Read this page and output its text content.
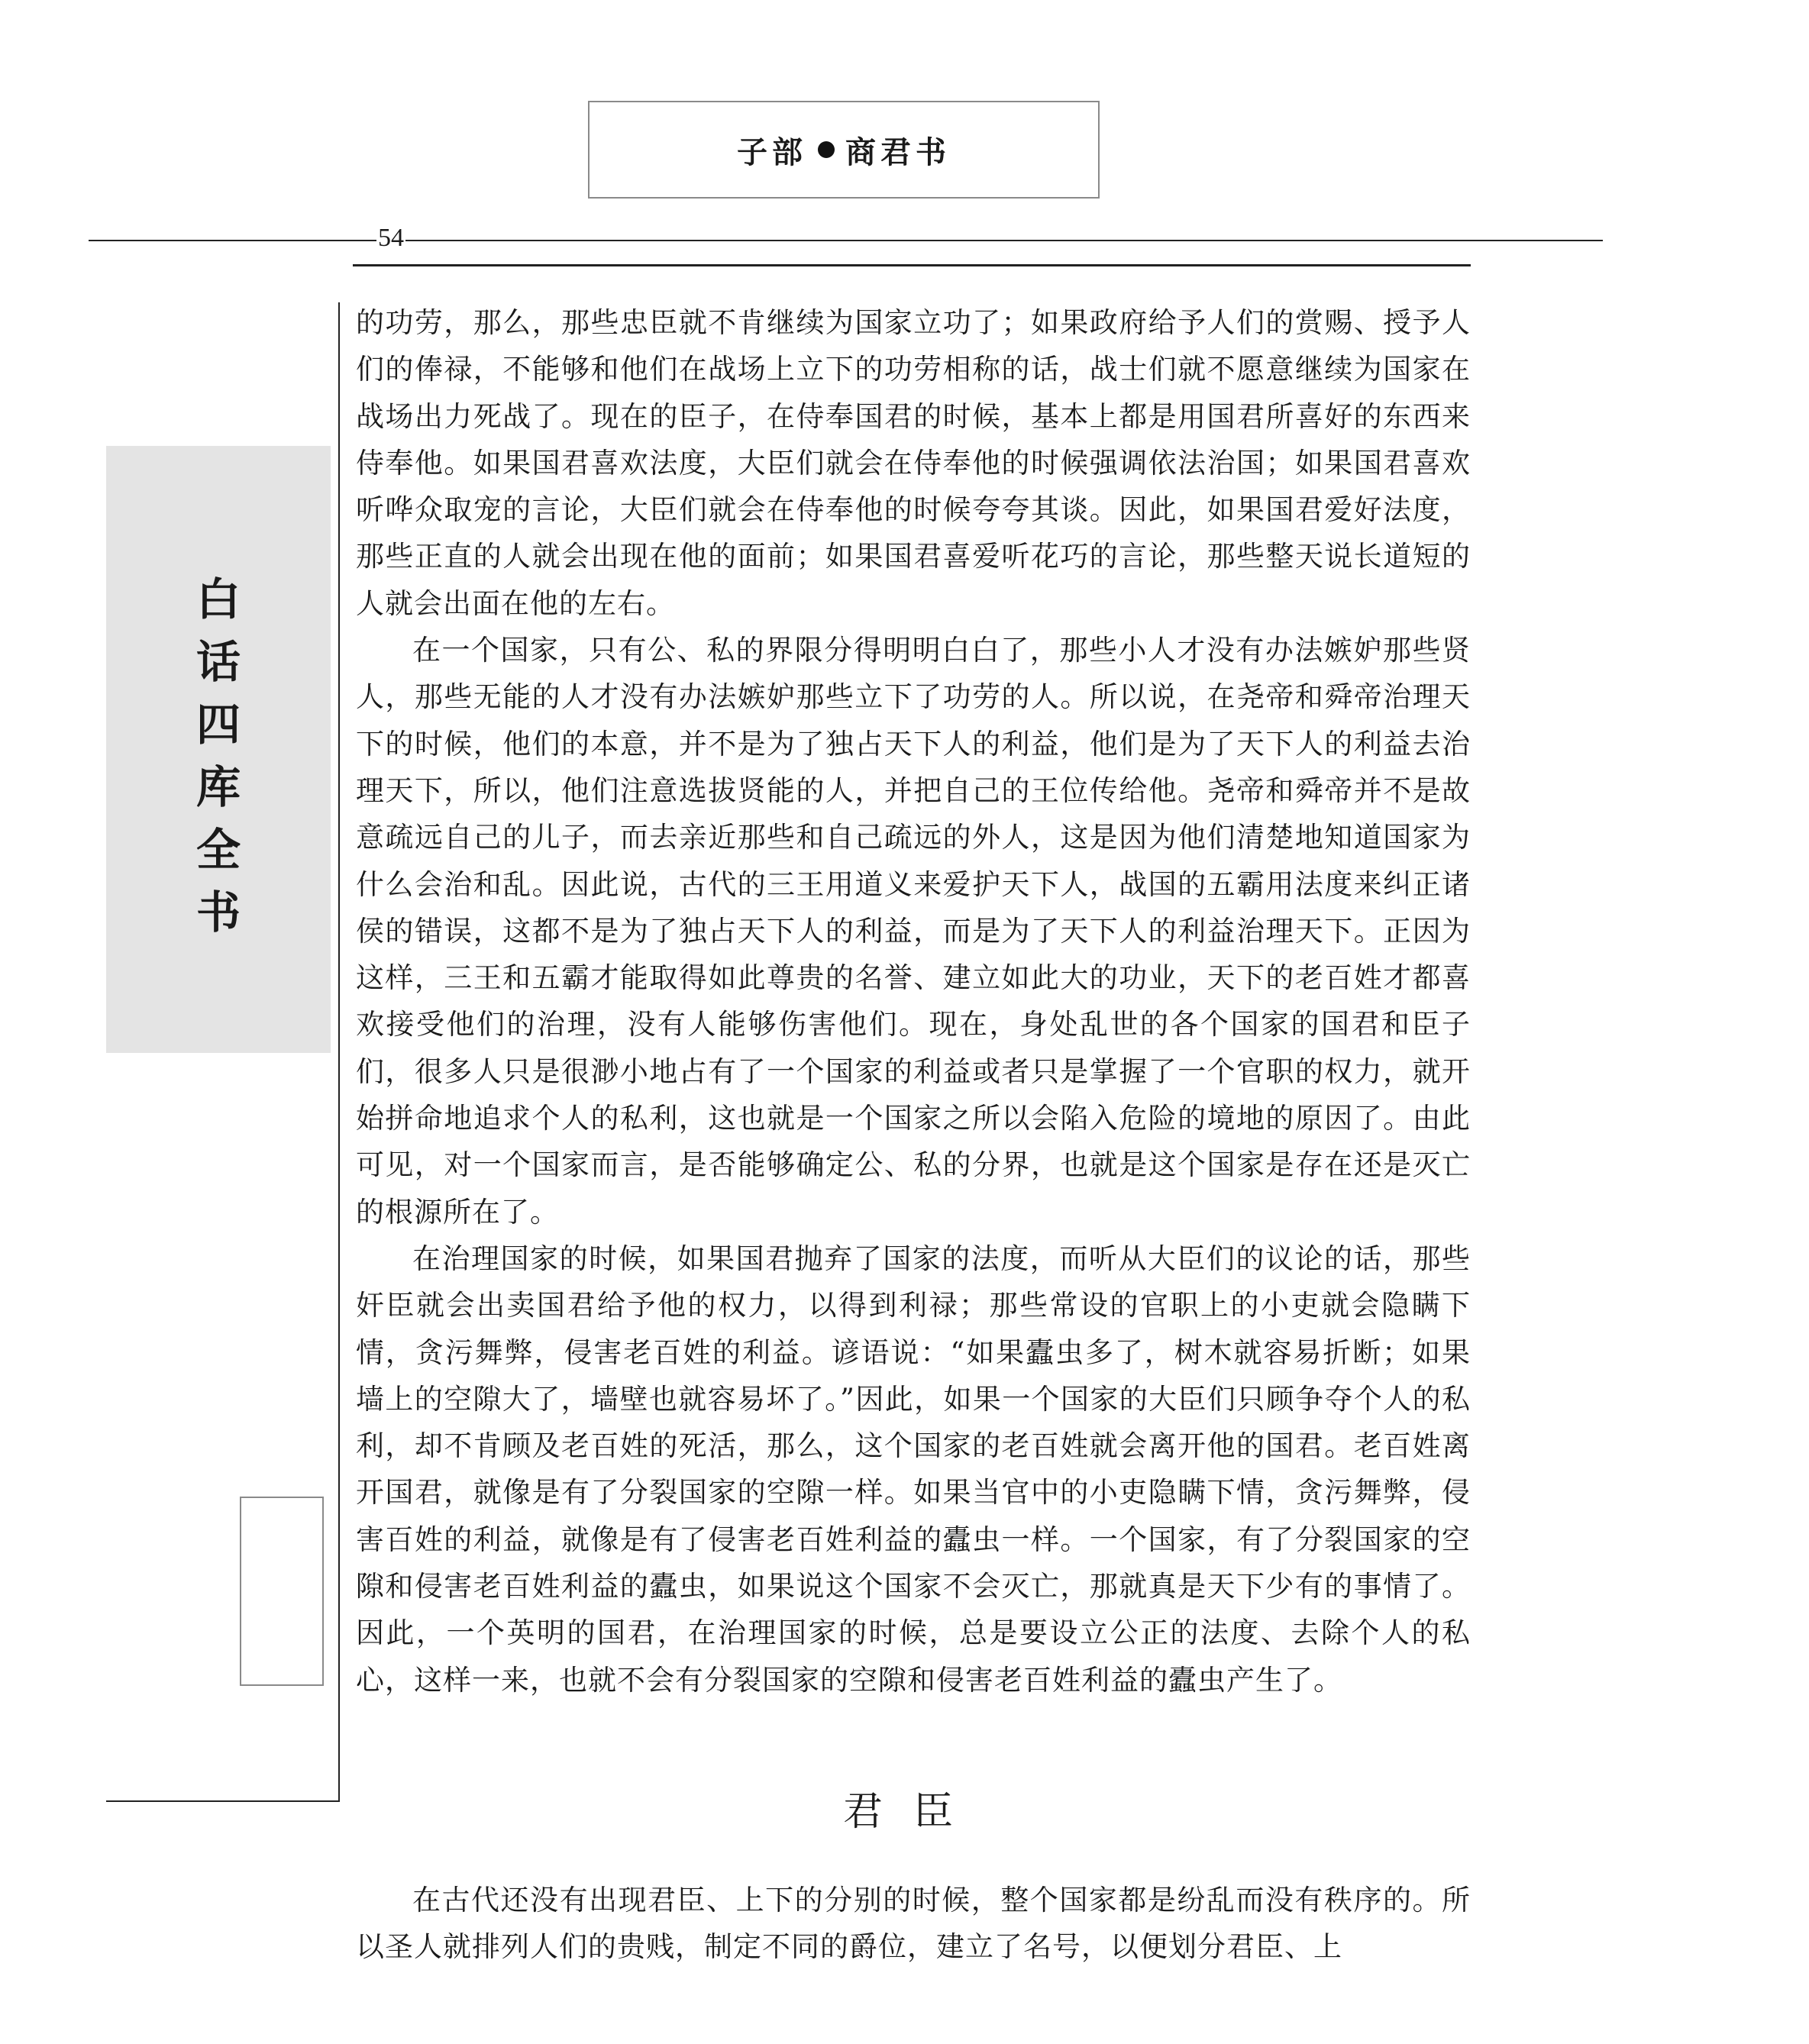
子部 商君书
54
白
话
四
库
全
书

的功劳，那么，那些忠臣就不肯继续为国家立功了；如果政府给予人们的赏赐、授予人们的俸禄，不能够和他们在战场上立下的功劳相称的话，战士们就不愿意继续为国家在战场出力死战了。现在的臣子，在侍奉国君的时候，基本上都是用国君所喜好的东西来侍奉他。如果国君喜欢法度，大臣们就会在侍奉他的时候强调依法治国；如果国君喜欢听哗众取宠的言论，大臣们就会在侍奉他的时候夸夸其谈。因此，如果国君爱好法度，那些正直的人就会出现在他的面前；如果国君喜爱听花巧的言论，那些整天说长道短的人就会出面在他的左右。

在一个国家，只有公、私的界限分得明明白白了，那些小人才没有办法嫉妒那些贤人，那些无能的人才没有办法嫉妒那些立下了功劳的人。所以说，在尧帝和舜帝治理天下的时候，他们的本意，并不是为了独占天下人的利益，他们是为了天下人的利益去治理天下，所以，他们注意选拔贤能的人，并把自己的王位传给他。尧帝和舜帝并不是故意疏远自己的儿子，而去亲近那些和自己疏远的外人，这是因为他们清楚地知道国家为什么会治和乱。因此说，古代的三王用道义来爱护天下人，战国的五霸用法度来纠正诸侯的错误，这都不是为了独占天下人的利益，而是为了天下人的利益治理天下。正因为这样，三王和五霸才能取得如此尊贵的名誉、建立如此大的功业，天下的老百姓才都喜欢接受他们的治理，没有人能够伤害他们。现在，身处乱世的各个国家的国君和臣子们，很多人只是很渺小地占有了一个国家的利益或者只是掌握了一个官职的权力，就开始拼命地追求个人的私利，这也就是一个国家之所以会陷入危险的境地的原因了。由此可见，对一个国家而言，是否能够确定公、私的分界，也就是这个国家是存在还是灭亡的根源所在了。

在治理国家的时候，如果国君抛弃了国家的法度，而听从大臣们的议论的话，那些奸臣就会出卖国君给予他的权力，以得到利禄；那些常设的官职上的小吏就会隐瞒下情，贪污舞弊，侵害老百姓的利益。谚语说：“如果蠹虫多了，树木就容易折断；如果墙上的空隙大了，墙壁也就容易坏了。”因此，如果一个国家的大臣们只顾争夺个人的私利，却不肯顾及老百姓的死活，那么，这个国家的老百姓就会离开他的国君。老百姓离开国君，就像是有了分裂国家的空隙一样。如果当官中的小吏隐瞒下情，贪污舞弊，侵害百姓的利益，就像是有了侵害老百姓利益的蠹虫一样。一个国家，有了分裂国家的空隙和侵害老百姓利益的蠹虫，如果说这个国家不会灭亡，那就真是天下少有的事情了。因此，一个英明的国君，在治理国家的时候，总是要设立公正的法度、去除个人的私心，这样一来，也就不会有分裂国家的空隙和侵害老百姓利益的蠹虫产生了。

君臣

在古代还没有出现君臣、上下的分别的时候，整个国家都是纷乱而没有秩序的。所以圣人就排列人们的贵贱，制定不同的爵位，建立了名号，以便划分君臣、上
